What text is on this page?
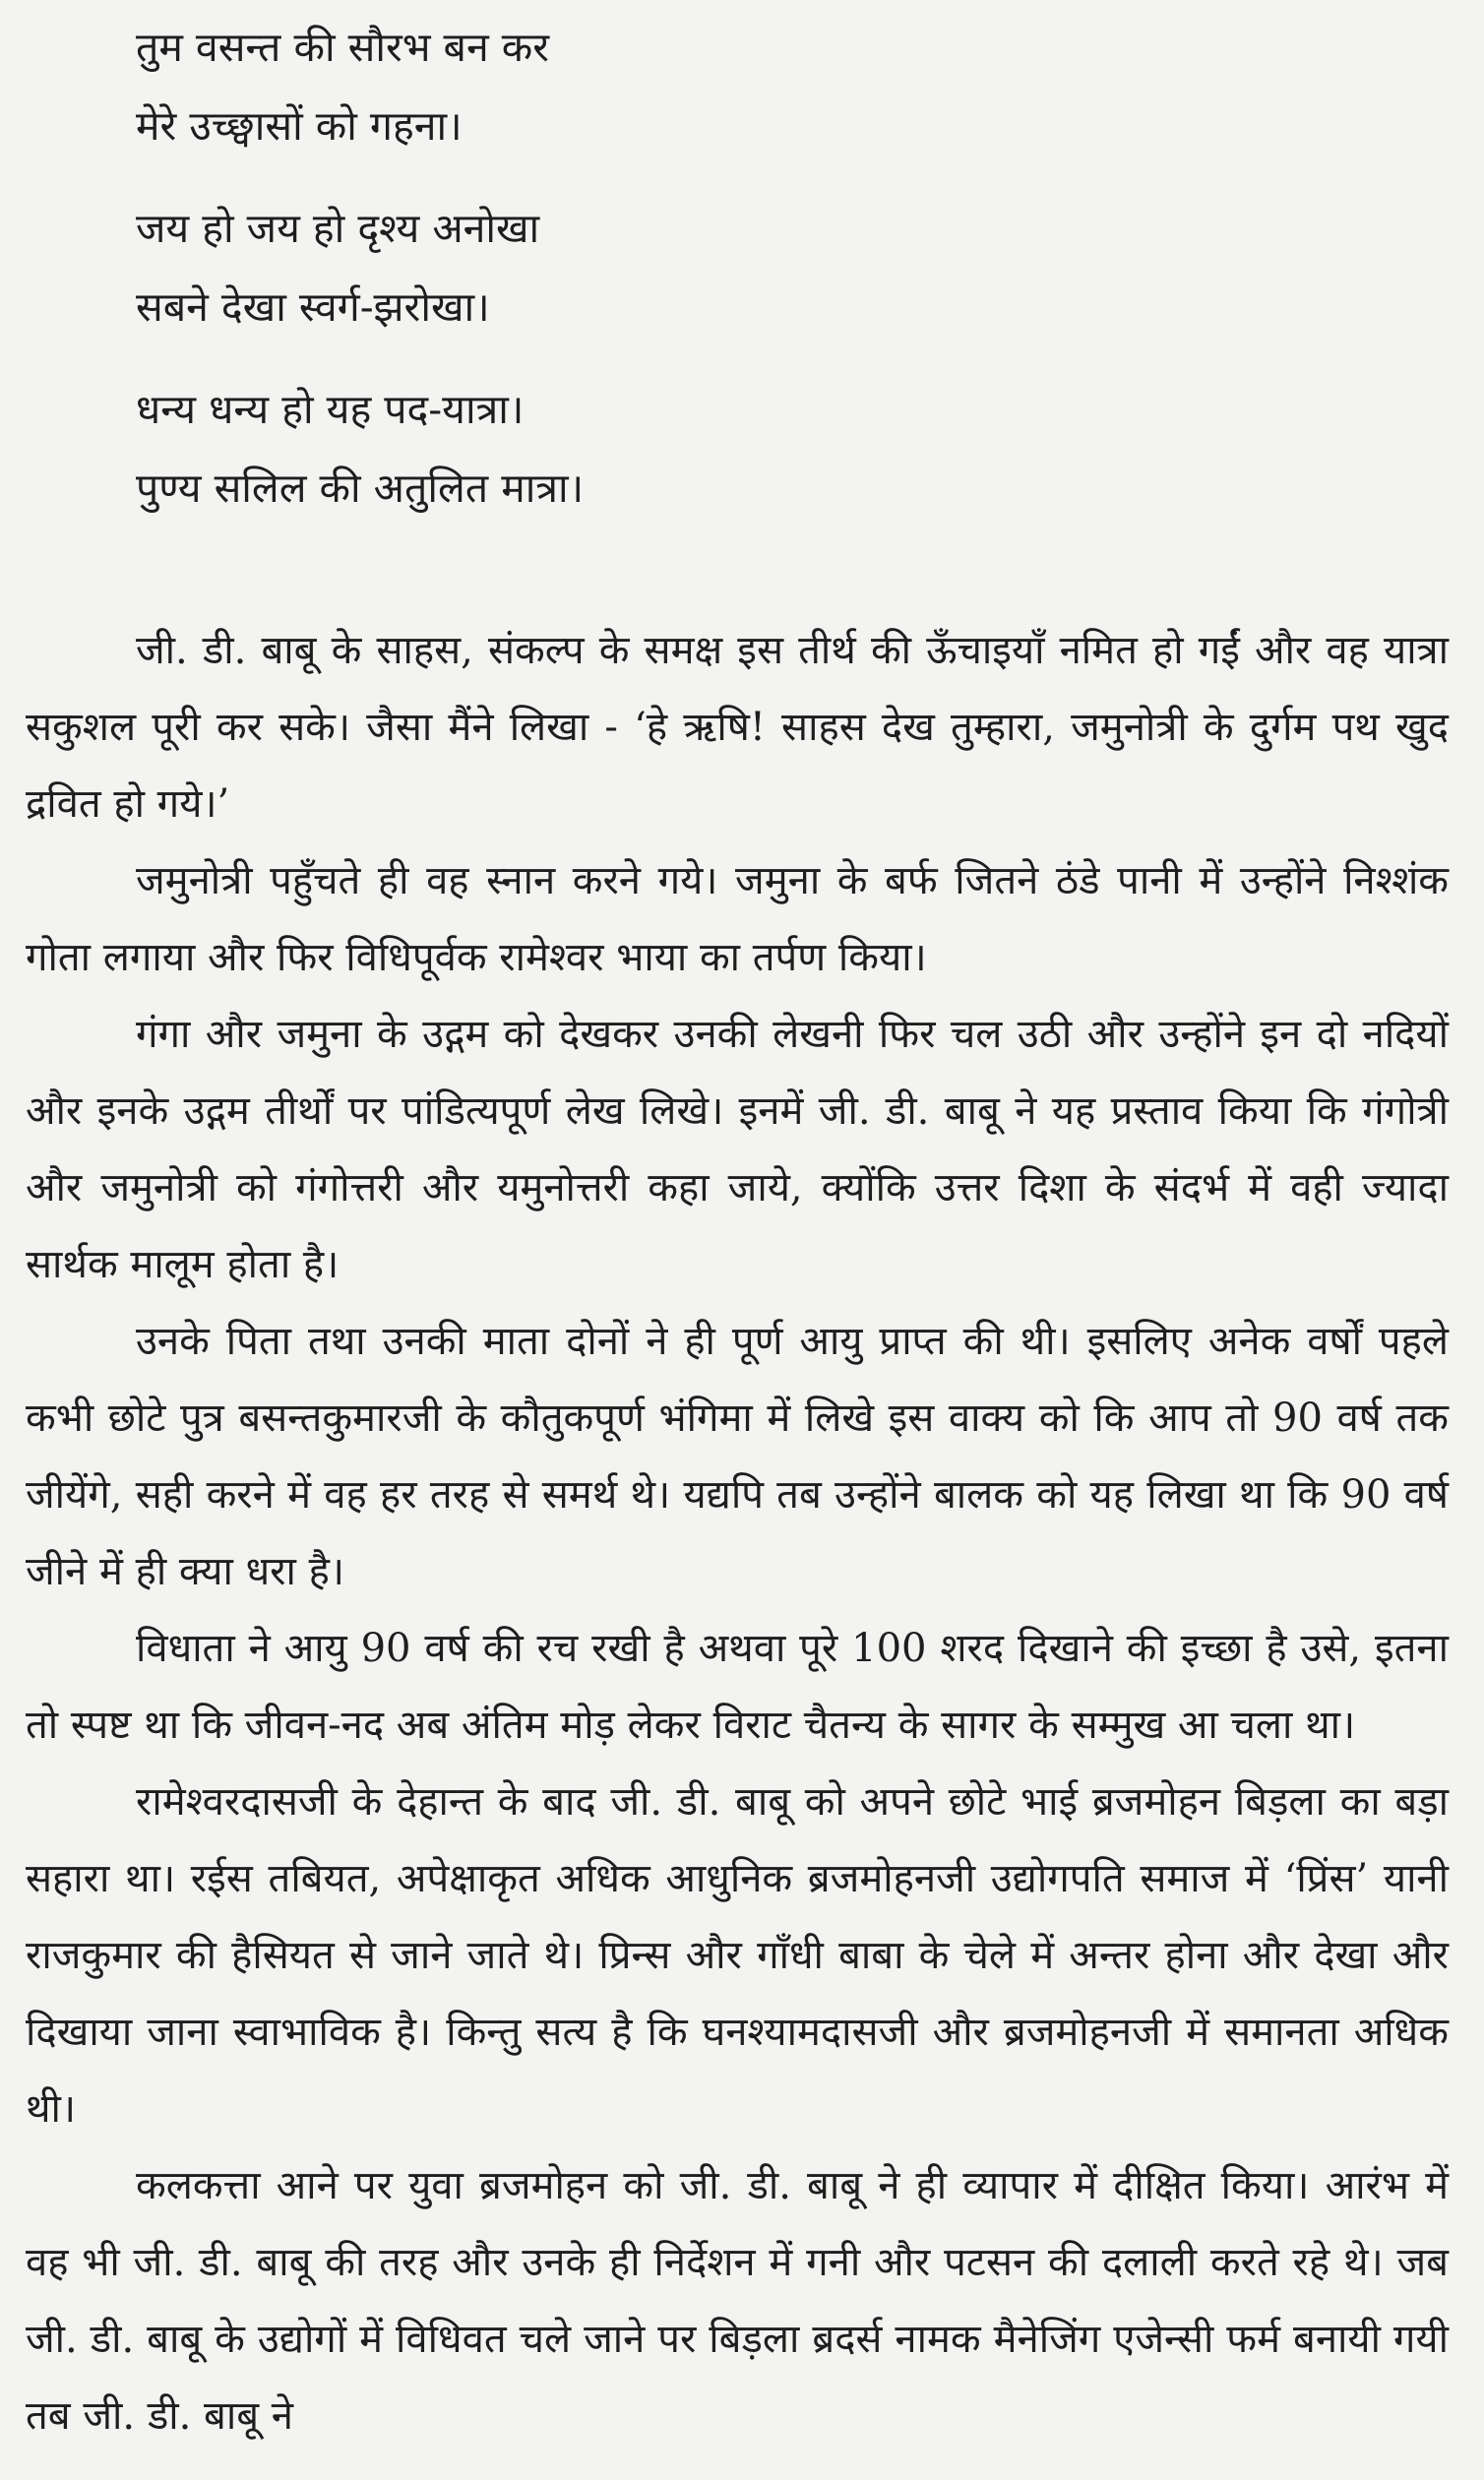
तुम वसन्त की सौरभ बन कर
मेरे उच्छ्वासों को गहना।
जय हो जय हो दृश्य अनोखा
सबने देखा स्वर्ग-झरोखा।
धन्य धन्य हो यह पद-यात्रा।
पुण्य सलिल की अतुलित मात्रा।

जी. डी. बाबू के साहस, संकल्प के समक्ष इस तीर्थ की ऊँचाइयाँ नमित हो गईं और वह यात्रा सकुशल पूरी कर सके। जैसा मैंने लिखा - ‘हे ऋषि! साहस देख तुम्हारा, जमुनोत्री के दुर्गम पथ खुद द्रवित हो गये।’

जमुनोत्री पहुँचते ही वह स्नान करने गये। जमुना के बर्फ जितने ठंडे पानी में उन्होंने निश्शंक गोता लगाया और फिर विधिपूर्वक रामेश्वर भाया का तर्पण किया।

गंगा और जमुना के उद्गम को देखकर उनकी लेखनी फिर चल उठी और उन्होंने इन दो नदियों और इनके उद्गम तीर्थों पर पांडित्यपूर्ण लेख लिखे। इनमें जी. डी. बाबू ने यह प्रस्ताव किया कि गंगोत्री और जमुनोत्री को गंगोत्तरी और यमुनोत्तरी कहा जाये, क्योंकि उत्तर दिशा के संदर्भ में वही ज्यादा सार्थक मालूम होता है।

उनके पिता तथा उनकी माता दोनों ने ही पूर्ण आयु प्राप्त की थी। इसलिए अनेक वर्षों पहले कभी छोटे पुत्र बसन्तकुमारजी के कौतुकपूर्ण भंगिमा में लिखे इस वाक्य को कि आप तो 90 वर्ष तक जीयेंगे, सही करने में वह हर तरह से समर्थ थे। यद्यपि तब उन्होंने बालक को यह लिखा था कि 90 वर्ष जीने में ही क्या धरा है।

विधाता ने आयु 90 वर्ष की रच रखी है अथवा पूरे 100 शरद दिखाने की इच्छा है उसे, इतना तो स्पष्ट था कि जीवन-नद अब अंतिम मोड़ लेकर विराट चैतन्य के सागर के सम्मुख आ चला था।

रामेश्वरदासजी के देहान्त के बाद जी. डी. बाबू को अपने छोटे भाई ब्रजमोहन बिड़ला का बड़ा सहारा था। रईस तबियत, अपेक्षाकृत अधिक आधुनिक ब्रजमोहनजी उद्योगपति समाज में ‘प्रिंस’ यानी राजकुमार की हैसियत से जाने जाते थे। प्रिन्स और गाँधी बाबा के चेले में अन्तर होना और देखा और दिखाया जाना स्वाभाविक है। किन्तु सत्य है कि घनश्यामदासजी और ब्रजमोहनजी में समानता अधिक थी।

कलकत्ता आने पर युवा ब्रजमोहन को जी. डी. बाबू ने ही व्यापार में दीक्षित किया। आरंभ में वह भी जी. डी. बाबू की तरह और उनके ही निर्देशन में गनी और पटसन की दलाली करते रहे थे। जब जी. डी. बाबू के उद्योगों में विधिवत चले जाने पर बिड़ला ब्रदर्स नामक मैनेजिंग एजेन्सी फर्म बनायी गयी तब जी. डी. बाबू ने
